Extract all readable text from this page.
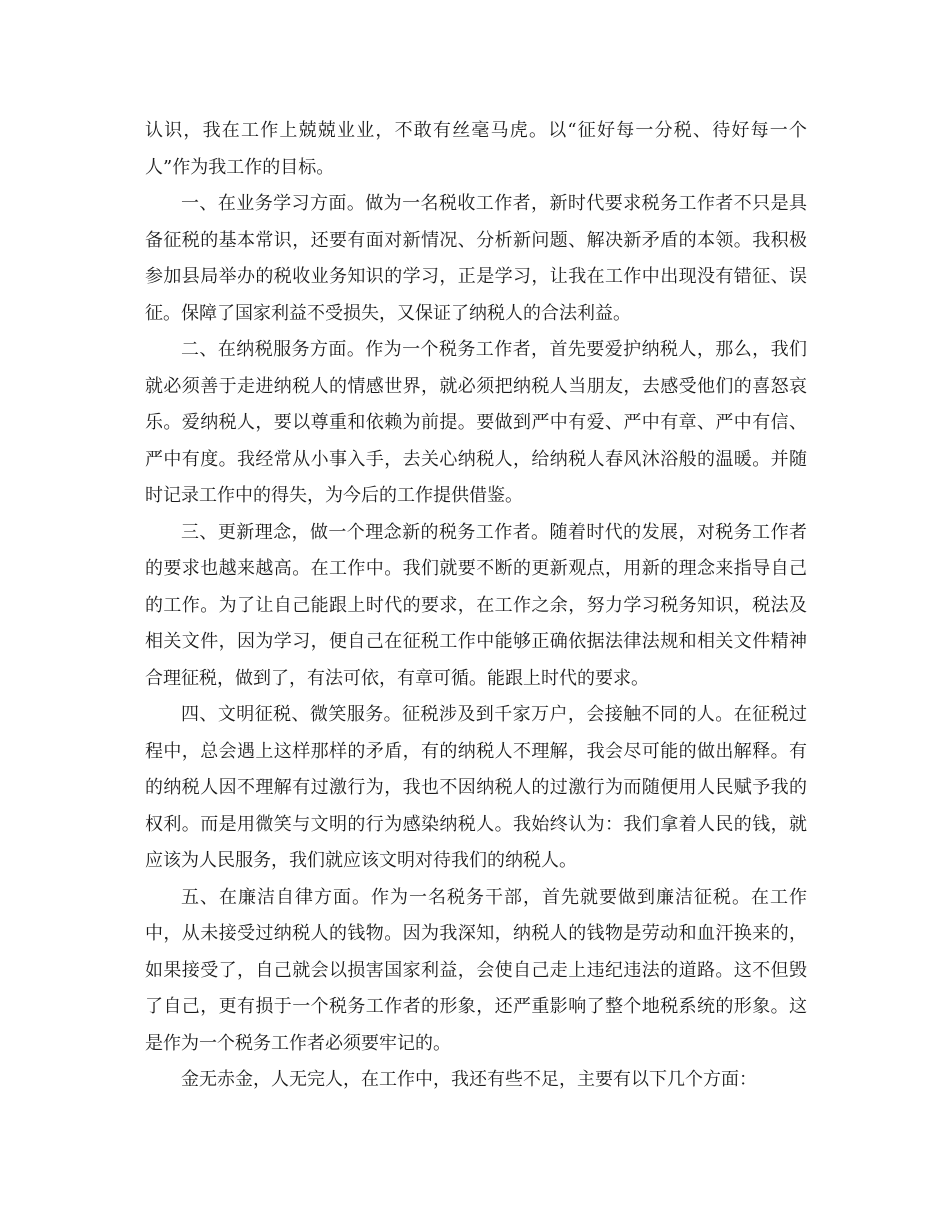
认识，我在工作上兢兢业业，不敢有丝毫马虎。以“征好每一分税、待好每一个人”作为我工作的目标。

一、在业务学习方面。做为一名税收工作者，新时代要求税务工作者不只是具备征税的基本常识，还要有面对新情况、分析新问题、解决新矛盾的本领。我积极参加县局举办的税收业务知识的学习，正是学习，让我在工作中出现没有错征、误征。保障了国家利益不受损失，又保证了纳税人的合法利益。

二、在纳税服务方面。作为一个税务工作者，首先要爱护纳税人，那么，我们就必须善于走进纳税人的情感世界，就必须把纳税人当朋友，去感受他们的喜怒哀乐。爱纳税人，要以尊重和依赖为前提。要做到严中有爱、严中有章、严中有信、严中有度。我经常从小事入手，去关心纳税人，给纳税人春风沐浴般的温暖。并随时记录工作中的得失，为今后的工作提供借鉴。

三、更新理念，做一个理念新的税务工作者。随着时代的发展，对税务工作者的要求也越来越高。在工作中。我们就要不断的更新观点，用新的理念来指导自己的工作。为了让自己能跟上时代的要求，在工作之余，努力学习税务知识，税法及相关文件，因为学习，便自己在征税工作中能够正确依据法律法规和相关文件精神合理征税，做到了，有法可依，有章可循。能跟上时代的要求。

四、文明征税、微笑服务。征税涉及到千家万户，会接触不同的人。在征税过程中，总会遇上这样那样的矛盾，有的纳税人不理解，我会尽可能的做出解释。有的纳税人因不理解有过激行为，我也不因纳税人的过激行为而随便用人民赋予我的权利。而是用微笑与文明的行为感染纳税人。我始终认为：我们拿着人民的钱，就应该为人民服务，我们就应该文明对待我们的纳税人。

五、在廉洁自律方面。作为一名税务干部，首先就要做到廉洁征税。在工作中，从未接受过纳税人的钱物。因为我深知，纳税人的钱物是劳动和血汗换来的，如果接受了，自己就会以损害国家利益，会使自己走上违纪违法的道路。这不但毁了自己，更有损于一个税务工作者的形象，还严重影响了整个地税系统的形象。这是作为一个税务工作者必须要牢记的。

金无赤金，人无完人，在工作中，我还有些不足，主要有以下几个方面：
